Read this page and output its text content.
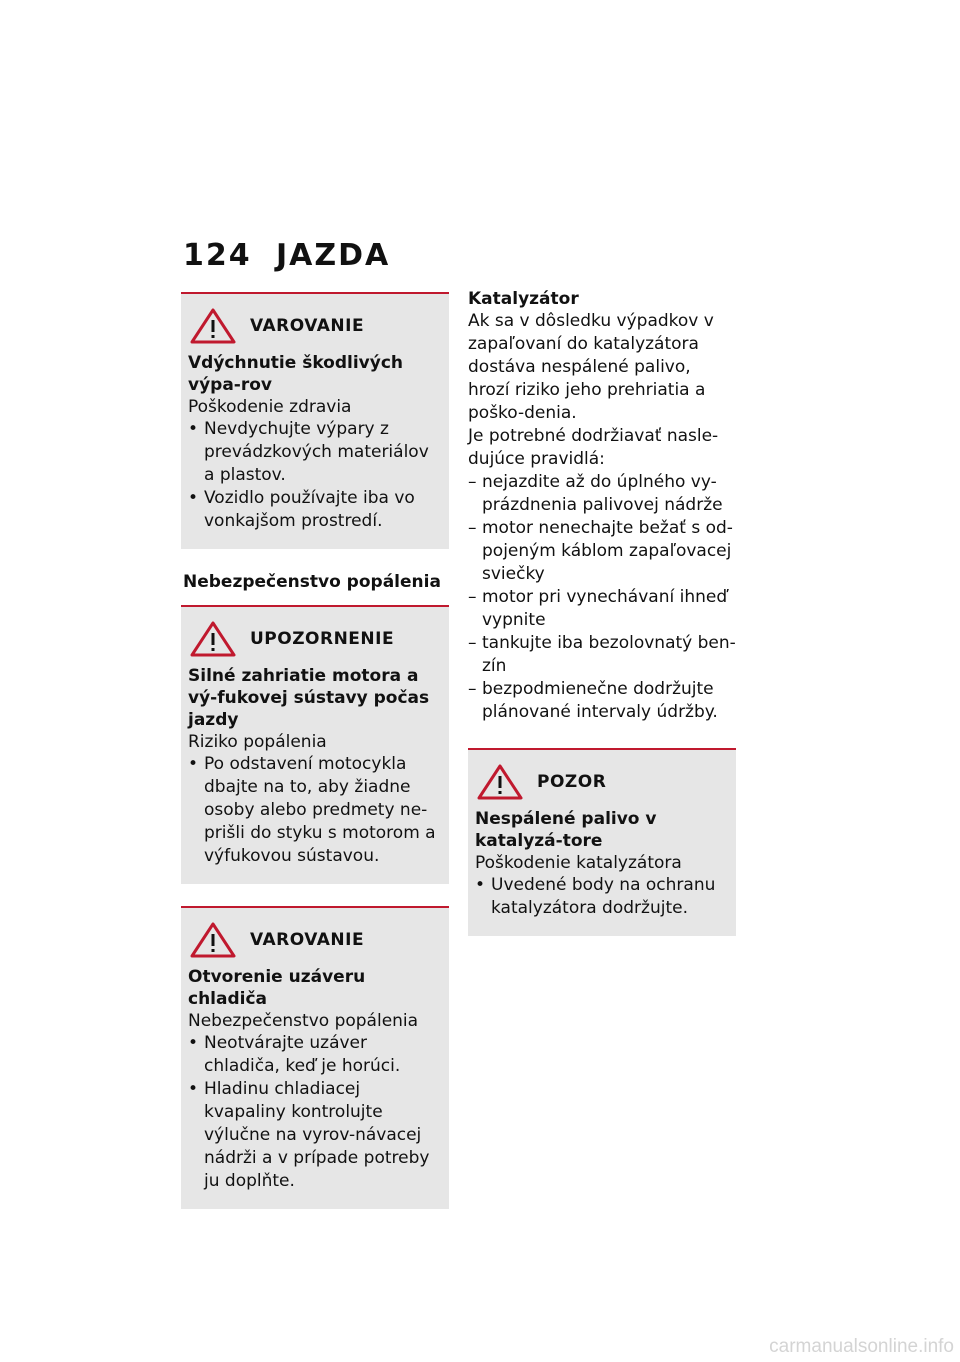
124 JAZDA
VAROVANIE
Vdýchnutie škodlivých výpa-rov
Poškodenie zdravia
• Nevdychujte výpary z prevádzkových materiálov a plastov.
• Vozidlo používajte iba vo vonkajšom prostredí.
Nebezpečenstvo popálenia
UPOZORNENIE
Silné zahriatie motora a vý-fukovej sústavy počas jazdy
Riziko popálenia
• Po odstavení motocykla dbajte na to, aby žiadne osoby alebo predmety ne-prišli do styku s motorom a výfukovou sústavou.
VAROVANIE
Otvorenie uzáveru chladiča
Nebezpečenstvo popálenia
• Neotvárajte uzáver chladiča, keď je horúci.
• Hladinu chladiacej kvapaliny kontrolujte výlučne na vyrov-návacej nádrži a v prípade potreby ju doplňte.
Katalyzátor

Ak sa v dôsledku výpadkov v zapaľovaní do katalyzátora dostáva nespálené palivo, hrozí riziko jeho prehriatia a poško-denia.

Je potrebné dodržiavať nasle-dujúce pravidlá:

– nejazdite až do úplného vy-prázdnenia palivovej nádrže
– motor nenechajte bežať s od-pojeným káblom zapaľovacej sviečky
– motor pri vynechávaní ihneď vypnite
– tankujte iba bezolovnatý ben-zín
– bezpodmienečne dodržujte plánované intervaly údržby.
POZOR
Nespálené palivo v katalyzá-tore
Poškodenie katalyzátora
• Uvedené body na ochranu katalyzátora dodržujte.
carmanualsonline.info
